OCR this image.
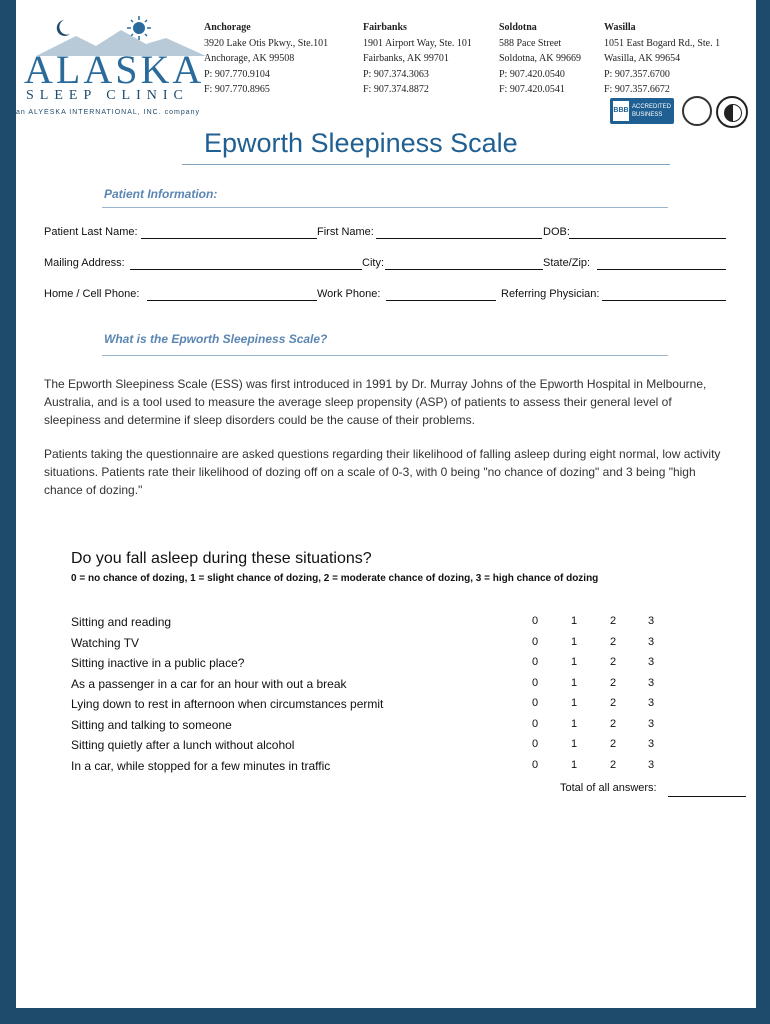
ALASKA
SLEEP CLINIC
an ALYESKA INTERNATIONAL, INC. company
Anchorage
3920 Lake Otis Pkwy., Ste.101
Anchorage, AK 99508
P: 907.770.9104
F: 907.770.8965
Fairbanks
1901 Airport Way, Ste. 101
Fairbanks, AK 99701
P: 907.374.3063
F: 907.374.8872
Soldotna
588 Pace Street
Soldotna, AK 99669
P: 907.420.0540
F: 907.420.0541
Wasilla
1051 East Bogard Rd., Ste. 1
Wasilla, AK 99654
P: 907.357.6700
F: 907.357.6672
BBB ACCREDITED
BUSINESS
Epworth Sleepiness Scale
Patient Information:
Patient Last Name:	First Name:	DOB:
Mailing Address:	City:	State/Zip:
Home / Cell Phone:	Work Phone:	Referring Physician:
What is the Epworth Sleepiness Scale?
The Epworth Sleepiness Scale (ESS) was first introduced in 1991 by Dr. Murray Johns of the Epworth Hospital in Melbourne, Australia, and is a tool used to measure the average sleep propensity (ASP) of patients to assess their general level of sleepiness and determine if sleep disorders could be the cause of their problems.
Patients taking the questionnaire are asked questions regarding their likelihood of falling asleep during eight normal, low activity situations. Patients rate their likelihood of dozing off on a scale of 0-3, with 0 being "no chance of dozing" and 3 being "high chance of dozing."
Do you fall asleep during these situations?
0 = no chance of dozing, 1 = slight chance of dozing, 2 = moderate chance of dozing, 3 = high chance of dozing
Sitting and reading	0	1	2	3
Watching TV	0	1	2	3
Sitting inactive in a public place?	0	1	2	3
As a passenger in a car for an hour with out a break	0	1	2	3
Lying down to rest in afternoon when circumstances permit	0	1	2	3
Sitting and talking to someone	0	1	2	3
Sitting quietly after a lunch without alcohol	0	1	2	3
In a car, while stopped for a few minutes in traffic	0	1	2	3
Total of all answers:
